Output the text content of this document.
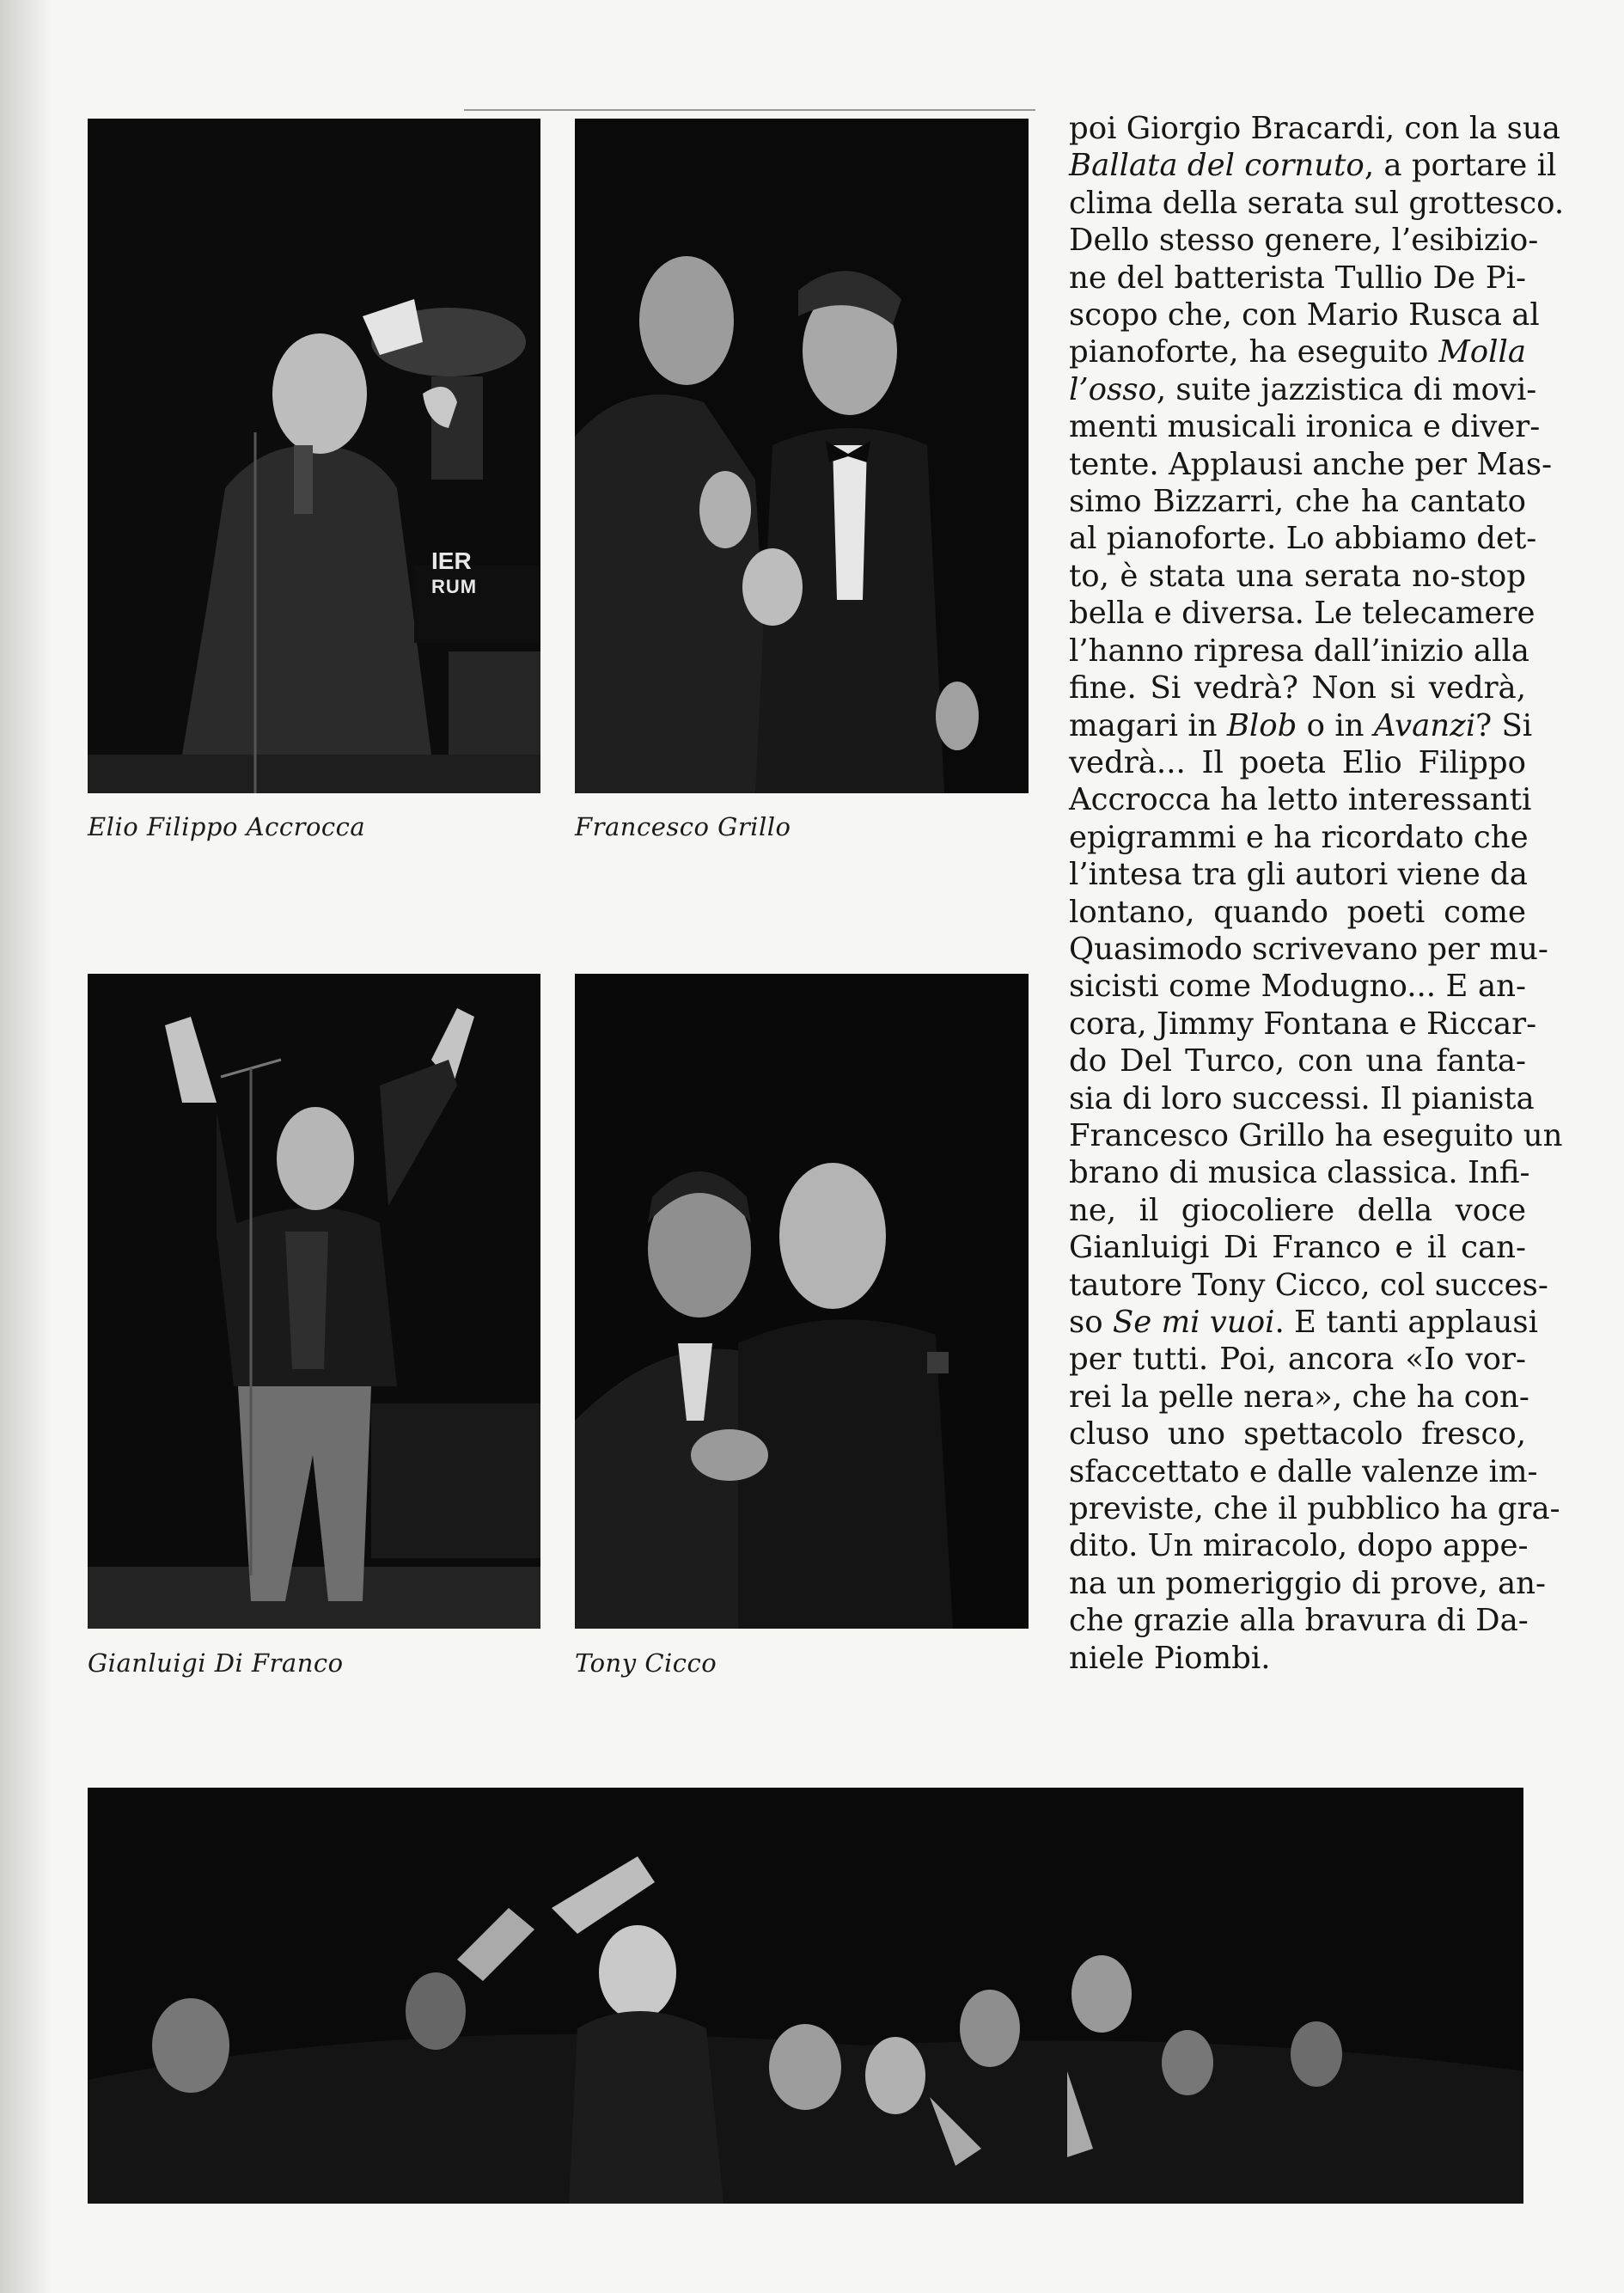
IER
RUM
Elio Filippo Accrocca	Francesco Grillo
Gianluigi Di Franco	Tony Cicco
poi Giorgio Bracardi, con la sua
Ballata del cornuto, a portare il
clima della serata sul grottesco.
Dello stesso genere, l’esibizio-
ne del batterista Tullio De Pi-
scopo che, con Mario Rusca al
pianoforte, ha eseguito Molla
l’osso, suite jazzistica di movi-
menti musicali ironica e diver-
tente. Applausi anche per Mas-
simo Bizzarri, che ha cantato
al pianoforte. Lo abbiamo det-
to, è stata una serata no-stop
bella e diversa. Le telecamere
l’hanno ripresa dall’inizio alla
fine. Si vedrà? Non si vedrà,
magari in Blob o in Avanzi? Si
vedrà... Il poeta Elio Filippo
Accrocca ha letto interessanti
epigrammi e ha ricordato che
l’intesa tra gli autori viene da
lontano, quando poeti come
Quasimodo scrivevano per mu-
sicisti come Modugno... E an-
cora, Jimmy Fontana e Riccar-
do Del Turco, con una fanta-
sia di loro successi. Il pianista
Francesco Grillo ha eseguito un
brano di musica classica. Infi-
ne, il giocoliere della voce
Gianluigi Di Franco e il can-
tautore Tony Cicco, col succes-
so Se mi vuoi. E tanti applausi
per tutti. Poi, ancora «Io vor-
rei la pelle nera», che ha con-
cluso uno spettacolo fresco,
sfaccettato e dalle valenze im-
previste, che il pubblico ha gra-
dito. Un miracolo, dopo appe-
na un pomeriggio di prove, an-
che grazie alla bravura di Da-
niele Piombi.
